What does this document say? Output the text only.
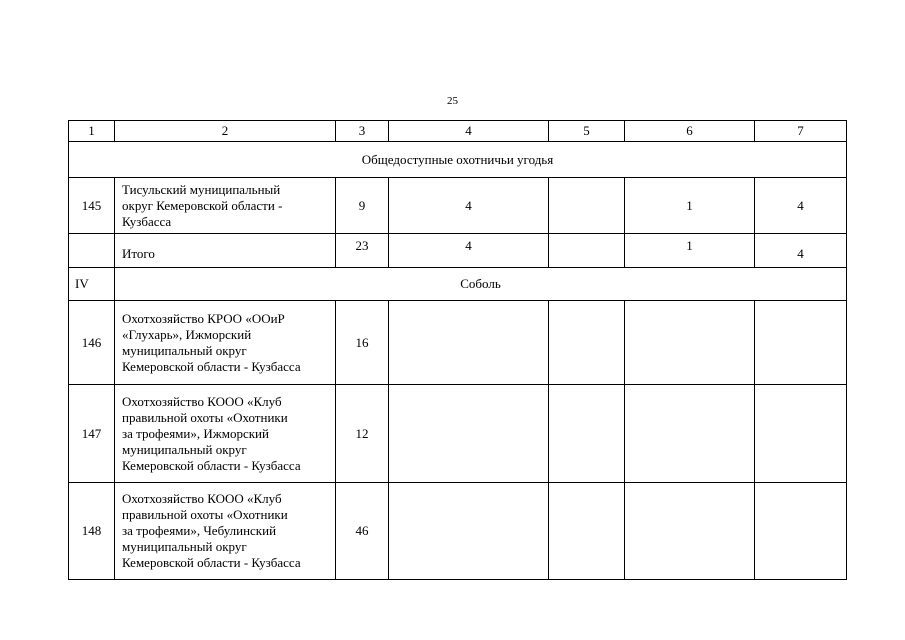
25
1	2	3	4	5	6	7
Общедоступные охотничьи угодья						
145	Тисульский муниципальный
округ Кемеровской области -
Кузбасса	9	4		1	4
	Итого	23	4		1	4
IV	Соболь					
146	Охотхозяйство КРОО «ООиР
«Глухарь», Ижморский
муниципальный округ
Кемеровской области - Кузбасса	16				
147	Охотхозяйство КООО «Клуб
правильной охоты «Охотники
за трофеями», Ижморский
муниципальный округ
Кемеровской области - Кузбасса	12				
148	Охотхозяйство КООО «Клуб
правильной охоты «Охотники
за трофеями», Чебулинский
муниципальный округ
Кемеровской области - Кузбасса	46				
